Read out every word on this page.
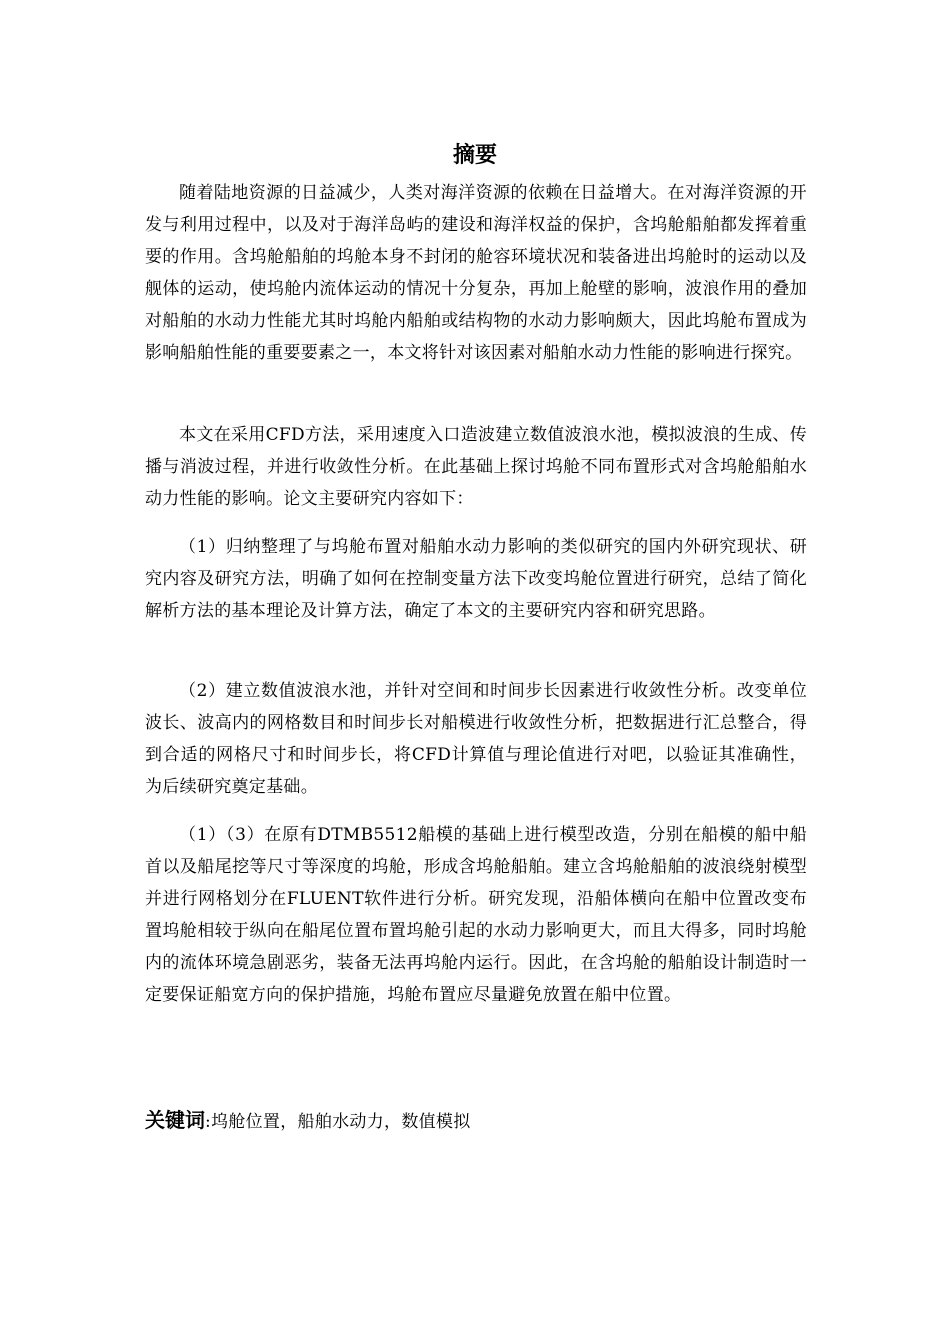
摘要

随着陆地资源的日益减少，人类对海洋资源的依赖在日益增大。在对海洋资源的开发与利用过程中，以及对于海洋岛屿的建设和海洋权益的保护，含坞舱船舶都发挥着重要的作用。含坞舱船舶的坞舱本身不封闭的舱容环境状况和装备进出坞舱时的运动以及舰体的运动，使坞舱内流体运动的情况十分复杂，再加上舱壁的影响，波浪作用的叠加对船舶的水动力性能尤其时坞舱内船舶或结构物的水动力影响颇大，因此坞舱布置成为影响船舶性能的重要要素之一，本文将针对该因素对船舶水动力性能的影响进行探究。

本文在采用CFD方法，采用速度入口造波建立数值波浪水池，模拟波浪的生成、传播与消波过程，并进行收敛性分析。在此基础上探讨坞舱不同布置形式对含坞舱船舶水动力性能的影响。论文主要研究内容如下：

（1）归纳整理了与坞舱布置对船舶水动力影响的类似研究的国内外研究现状、研究内容及研究方法，明确了如何在控制变量方法下改变坞舱位置进行研究，总结了简化解析方法的基本理论及计算方法，确定了本文的主要研究内容和研究思路。

（2）建立数值波浪水池，并针对空间和时间步长因素进行收敛性分析。改变单位波长、波高内的网格数目和时间步长对船模进行收敛性分析，把数据进行汇总整合，得到合适的网格尺寸和时间步长，将CFD计算值与理论值进行对吧，以验证其准确性，为后续研究奠定基础。

（1）（3）在原有DTMB5512船模的基础上进行模型改造，分别在船模的船中船首以及船尾挖等尺寸等深度的坞舱，形成含坞舱船舶。建立含坞舱船舶的波浪绕射模型并进行网格划分在FLUENT软件进行分析。研究发现，沿船体横向在船中位置改变布置坞舱相较于纵向在船尾位置布置坞舱引起的水动力影响更大，而且大得多，同时坞舱内的流体环境急剧恶劣，装备无法再坞舱内运行。因此，在含坞舱的船舶设计制造时一定要保证船宽方向的保护措施，坞舱布置应尽量避免放置在船中位置。

关键词:坞舱位置，船舶水动力，数值模拟
